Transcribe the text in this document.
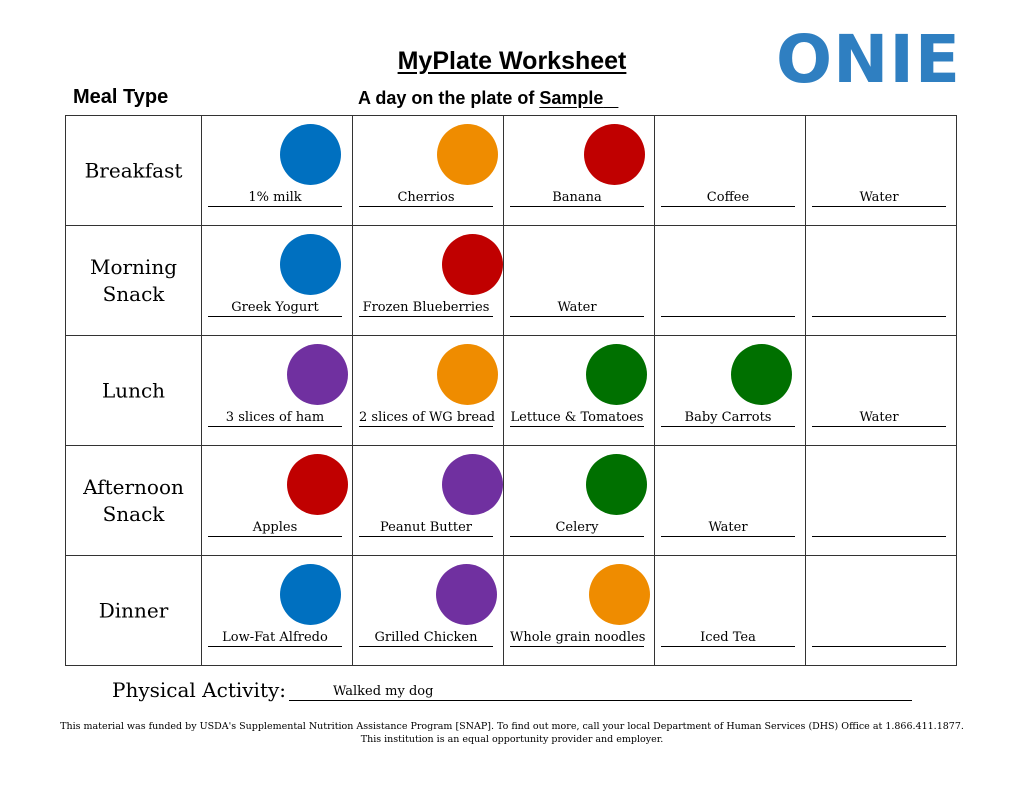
MyPlate Worksheet	ONIE
Meal Type	A day on the plate of Sample
Breakfast	1% milk	Cherrios	Banana	Coffee	Water

Morning Snack	Greek Yogurt	Frozen Blueberries	Water		

Lunch	3 slices of ham	2 slices of WG bread	Lettuce & Tomatoes	Baby Carrots	Water

Afternoon Snack	Apples	Peanut Butter	Celery	Water	

Dinner	Low-Fat Alfredo	Grilled Chicken	Whole grain noodles	Iced Tea	

Physical Activity:	Walked my dog
This material was funded by USDA's Supplemental Nutrition Assistance Program [SNAP]. To find out more, call your local Department of Human Services (DHS) Office at 1.866.411.1877. This institution is an equal opportunity provider and employer.
